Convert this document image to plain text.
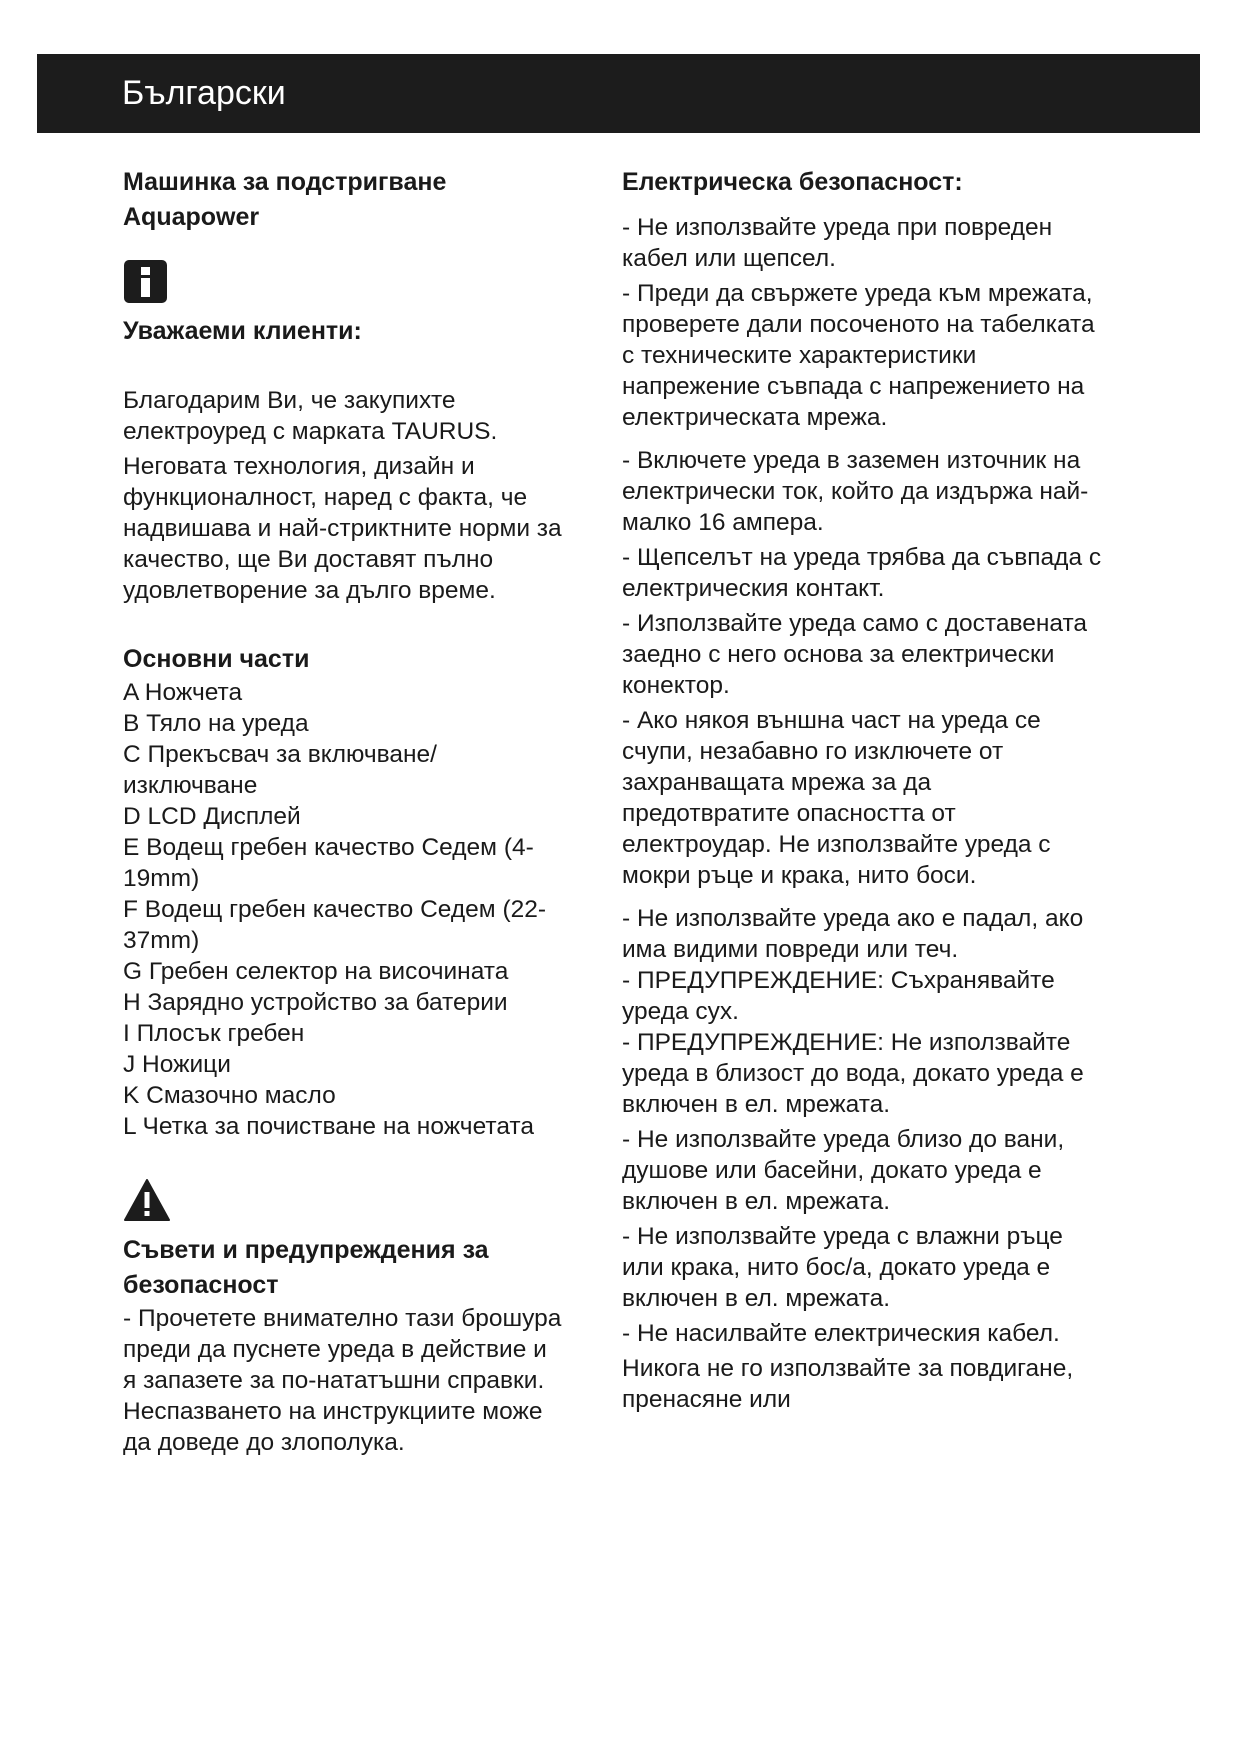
Български

Машинка за подстригване

Aquapower

Уважаеми клиенти:

Благодарим Ви, че закупихте електроуред с марката TAURUS.

Неговата технология, дизайн и функционалност, наред с факта, че надвишава и най-стриктните норми за качество, ще Ви доставят пълно удовлетворение за дълго време.

Основни части

A Ножчета

B Тяло на уреда

C Прекъсвач за включване/ изключване

D LCD Дисплей

E Водещ гребен качество Седем (4-19mm)

F Водещ гребен качество Седем (22-37mm)

G Гребен селектор на височината

H Зарядно устройство за батерии

I Плосък гребен

J Ножици

K Смазочно масло

L Четка за почистване на ножчетата

Съвети и предупреждения за безопасност

- Прочетете внимателно тази брошура преди да пуснете уреда в действие и я запазете за по-нататъшни справки. Неспазването на инструкциите може да доведе до злополука.

Електрическа безопасност:

- Не използвайте уреда при повреден кабел или щепсел.

- Преди да свържете уреда към мрежата, проверете дали посоченото на табелката с техническите характеристики напрежение съвпада с напрежението на електрическата мрежа.

- Включете уреда в заземен източник на електрически ток, който да издържа най-малко 16 ампера.

- Щепселът на уреда трябва да съвпада с електрическия контакт.

- Използвайте уреда само с доставената заедно с него основа за електрически конектор.

- Ако някоя външна част на уреда се счупи, незабавно го изключете от захранващата мрежа за да предотвратите опасността от електроудар. Не използвайте уреда с мокри ръце и крака, нито боси.

- Не използвайте уреда ако е падал, ако има видими повреди или теч.

- ПРЕДУПРЕЖДЕНИЕ: Съхранявайте уреда сух.

- ПРЕДУПРЕЖДЕНИЕ: Не използвайте уреда в близост до вода, докато уреда е включен в ел. мрежата.

- Не използвайте уреда близо до вани, душове или басейни, докато уреда е включен в ел. мрежата.

- Не използвайте уреда с влажни ръце или крака, нито бос/а, докато уреда е включен в ел. мрежата.

- Не насилвайте електрическия кабел.

Никога не го използвайте за повдигане, пренасяне или
